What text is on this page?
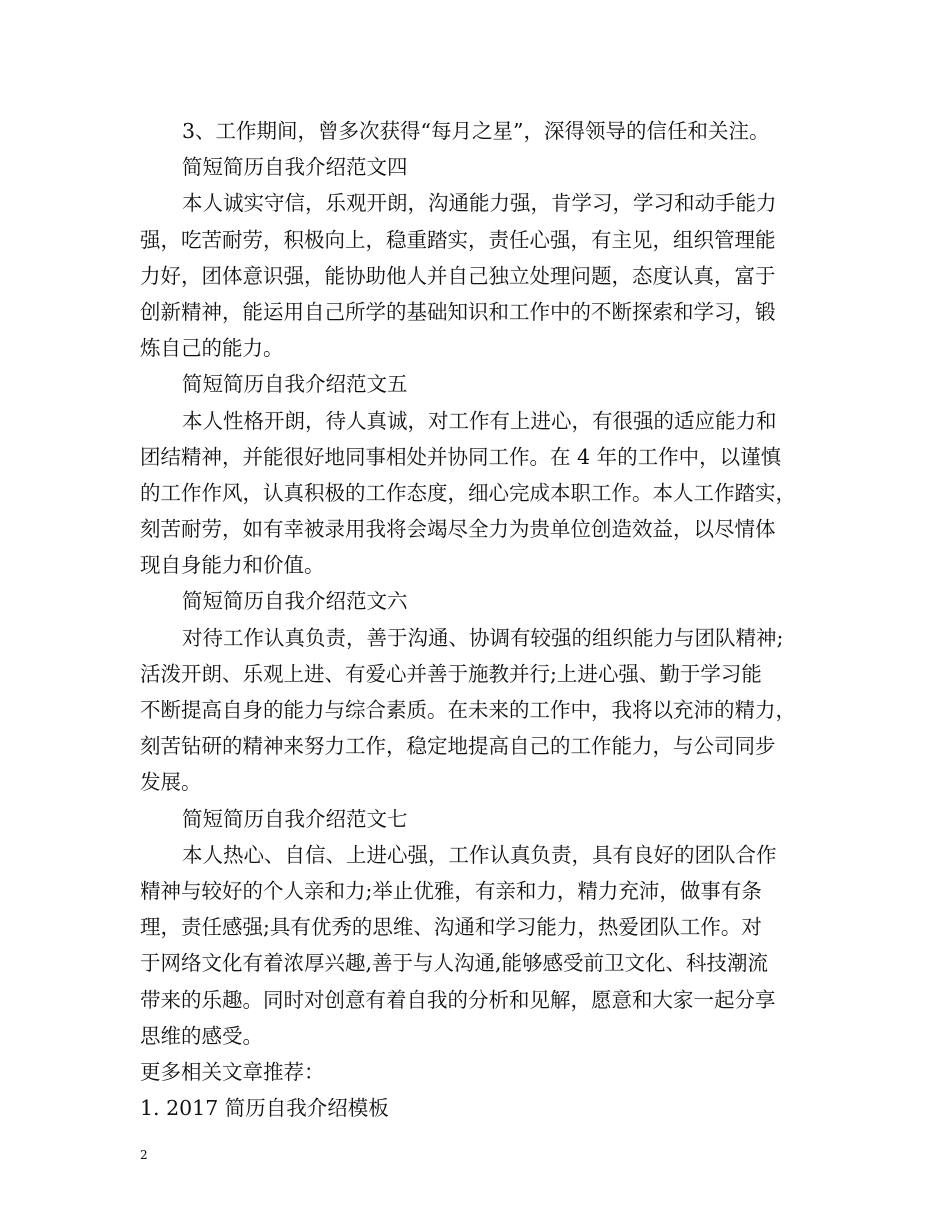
3、工作期间，曾多次获得“每月之星”，深得领导的信任和关注。

简短简历自我介绍范文四

本人诚实守信，乐观开朗，沟通能力强，肯学习，学习和动手能力

强，吃苦耐劳，积极向上，稳重踏实，责任心强，有主见，组织管理能

力好，团体意识强，能协助他人并自己独立处理问题，态度认真，富于

创新精神，能运用自己所学的基础知识和工作中的不断探索和学习，锻

炼自己的能力。

简短简历自我介绍范文五

本人性格开朗，待人真诚，对工作有上进心，有很强的适应能力和

团结精神，并能很好地同事相处并协同工作。在 4 年的工作中，以谨慎

的工作作风，认真积极的工作态度，细心完成本职工作。本人工作踏实，

刻苦耐劳，如有幸被录用我将会竭尽全力为贵单位创造效益，以尽情体

现自身能力和价值。

简短简历自我介绍范文六

对待工作认真负责，善于沟通、协调有较强的组织能力与团队精神;

活泼开朗、乐观上进、有爱心并善于施教并行;上进心强、勤于学习能

不断提高自身的能力与综合素质。在未来的工作中，我将以充沛的精力，

刻苦钻研的精神来努力工作，稳定地提高自己的工作能力，与公司同步

发展。

简短简历自我介绍范文七

本人热心、自信、上进心强，工作认真负责，具有良好的团队合作

精神与较好的个人亲和力;举止优雅，有亲和力，精力充沛，做事有条

理，责任感强;具有优秀的思维、沟通和学习能力，热爱团队工作。对

于网络文化有着浓厚兴趣,善于与人沟通,能够感受前卫文化、科技潮流

带来的乐趣。同时对创意有着自我的分析和见解，愿意和大家一起分享

思维的感受。

更多相关文章推荐：

1. 2017 简历自我介绍模板

2
